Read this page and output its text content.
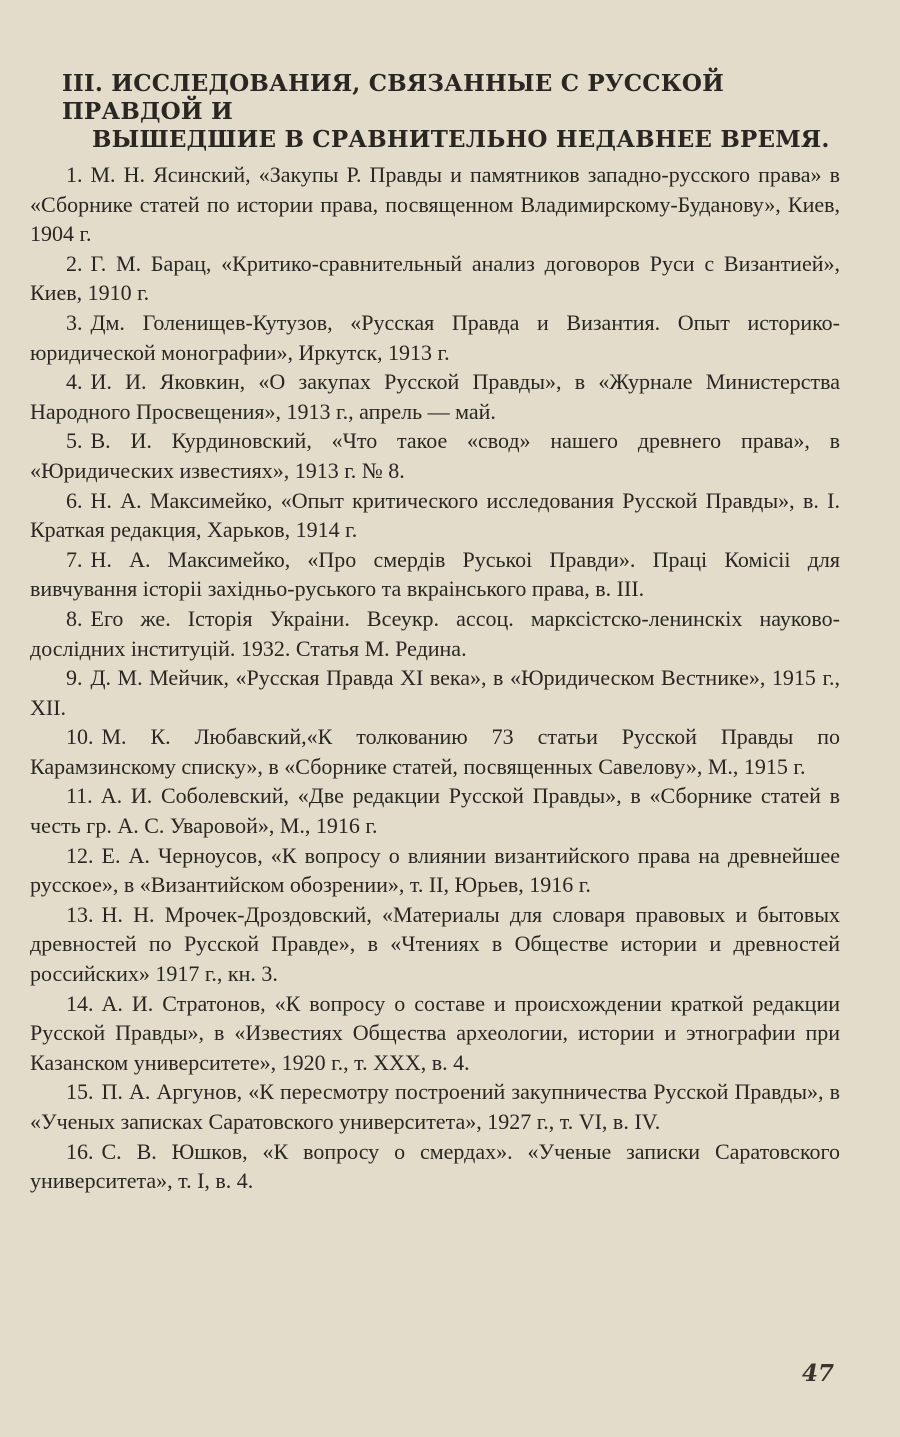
III. ИССЛЕДОВАНИЯ, СВЯЗАННЫЕ С РУССКОЙ ПРАВДОЙ И
ВЫШЕДШИЕ В СРАВНИТЕЛЬНО НЕДАВНЕЕ ВРЕМЯ.
1. М. Н. Ясинский, «Закупы Р. Правды и памятников западно-русского права» в «Сборнике статей по истории права, посвященном Владимирскому-Буданову», Киев, 1904 г.
2. Г. М. Барац, «Критико-сравнительный анализ договоров Руси с Византией», Киев, 1910 г.
3. Дм. Голенищев-Кутузов, «Русская Правда и Византия. Опыт историко-юридической монографии», Иркутск, 1913 г.
4. И. И. Яковкин, «О закупах Русской Правды», в «Журнале Министерства Народного Просвещения», 1913 г., апрель — май.
5. В. И. Курдиновский, «Что такое «свод» нашего древнего права», в «Юридических известиях», 1913 г. № 8.
6. Н. А. Максимейко, «Опыт критического исследования Русской Правды», в. I. Краткая редакция, Харьков, 1914 г.
7. Н. А. Максимейко, «Про смердів Руськоі Правди». Праці Комісіі для вивчування історіі західньо-руського та вкраінського права, в. III.
8. Его же. Історія Украіни. Всеукр. ассоц. марксістско-ленинскіх науково-дослідних інституцій. 1932. Статья М. Редина.
9. Д. М. Мейчик, «Русская Правда XI века», в «Юридическом Вестнике», 1915 г., XII.
10. М. К. Любавский,«К толкованию 73 статьи Русской Правды по Карамзинскому списку», в «Сборнике статей, посвященных Савелову», М., 1915 г.
11. А. И. Соболевский, «Две редакции Русской Правды», в «Сборнике статей в честь гр. А. С. Уваровой», М., 1916 г.
12. Е. А. Черноусов, «К вопросу о влиянии византийского права на древнейшее русское», в «Византийском обозрении», т. II, Юрьев, 1916 г.
13. Н. Н. Мрочек-Дроздовский, «Материалы для словаря правовых и бытовых древностей по Русской Правде», в «Чтениях в Обществе истории и древностей российских» 1917 г., кн. 3.
14. А. И. Стратонов, «К вопросу о составе и происхождении краткой редакции Русской Правды», в «Известиях Общества археологии, истории и этнографии при Казанском университете», 1920 г., т. XXX, в. 4.
15. П. А. Аргунов, «К пересмотру построений закупничества Русской Правды», в «Ученых записках Саратовского университета», 1927 г., т. VI, в. IV.
16. С. В. Юшков, «К вопросу о смердах». «Ученые записки Саратовского университета», т. I, в. 4.
47
